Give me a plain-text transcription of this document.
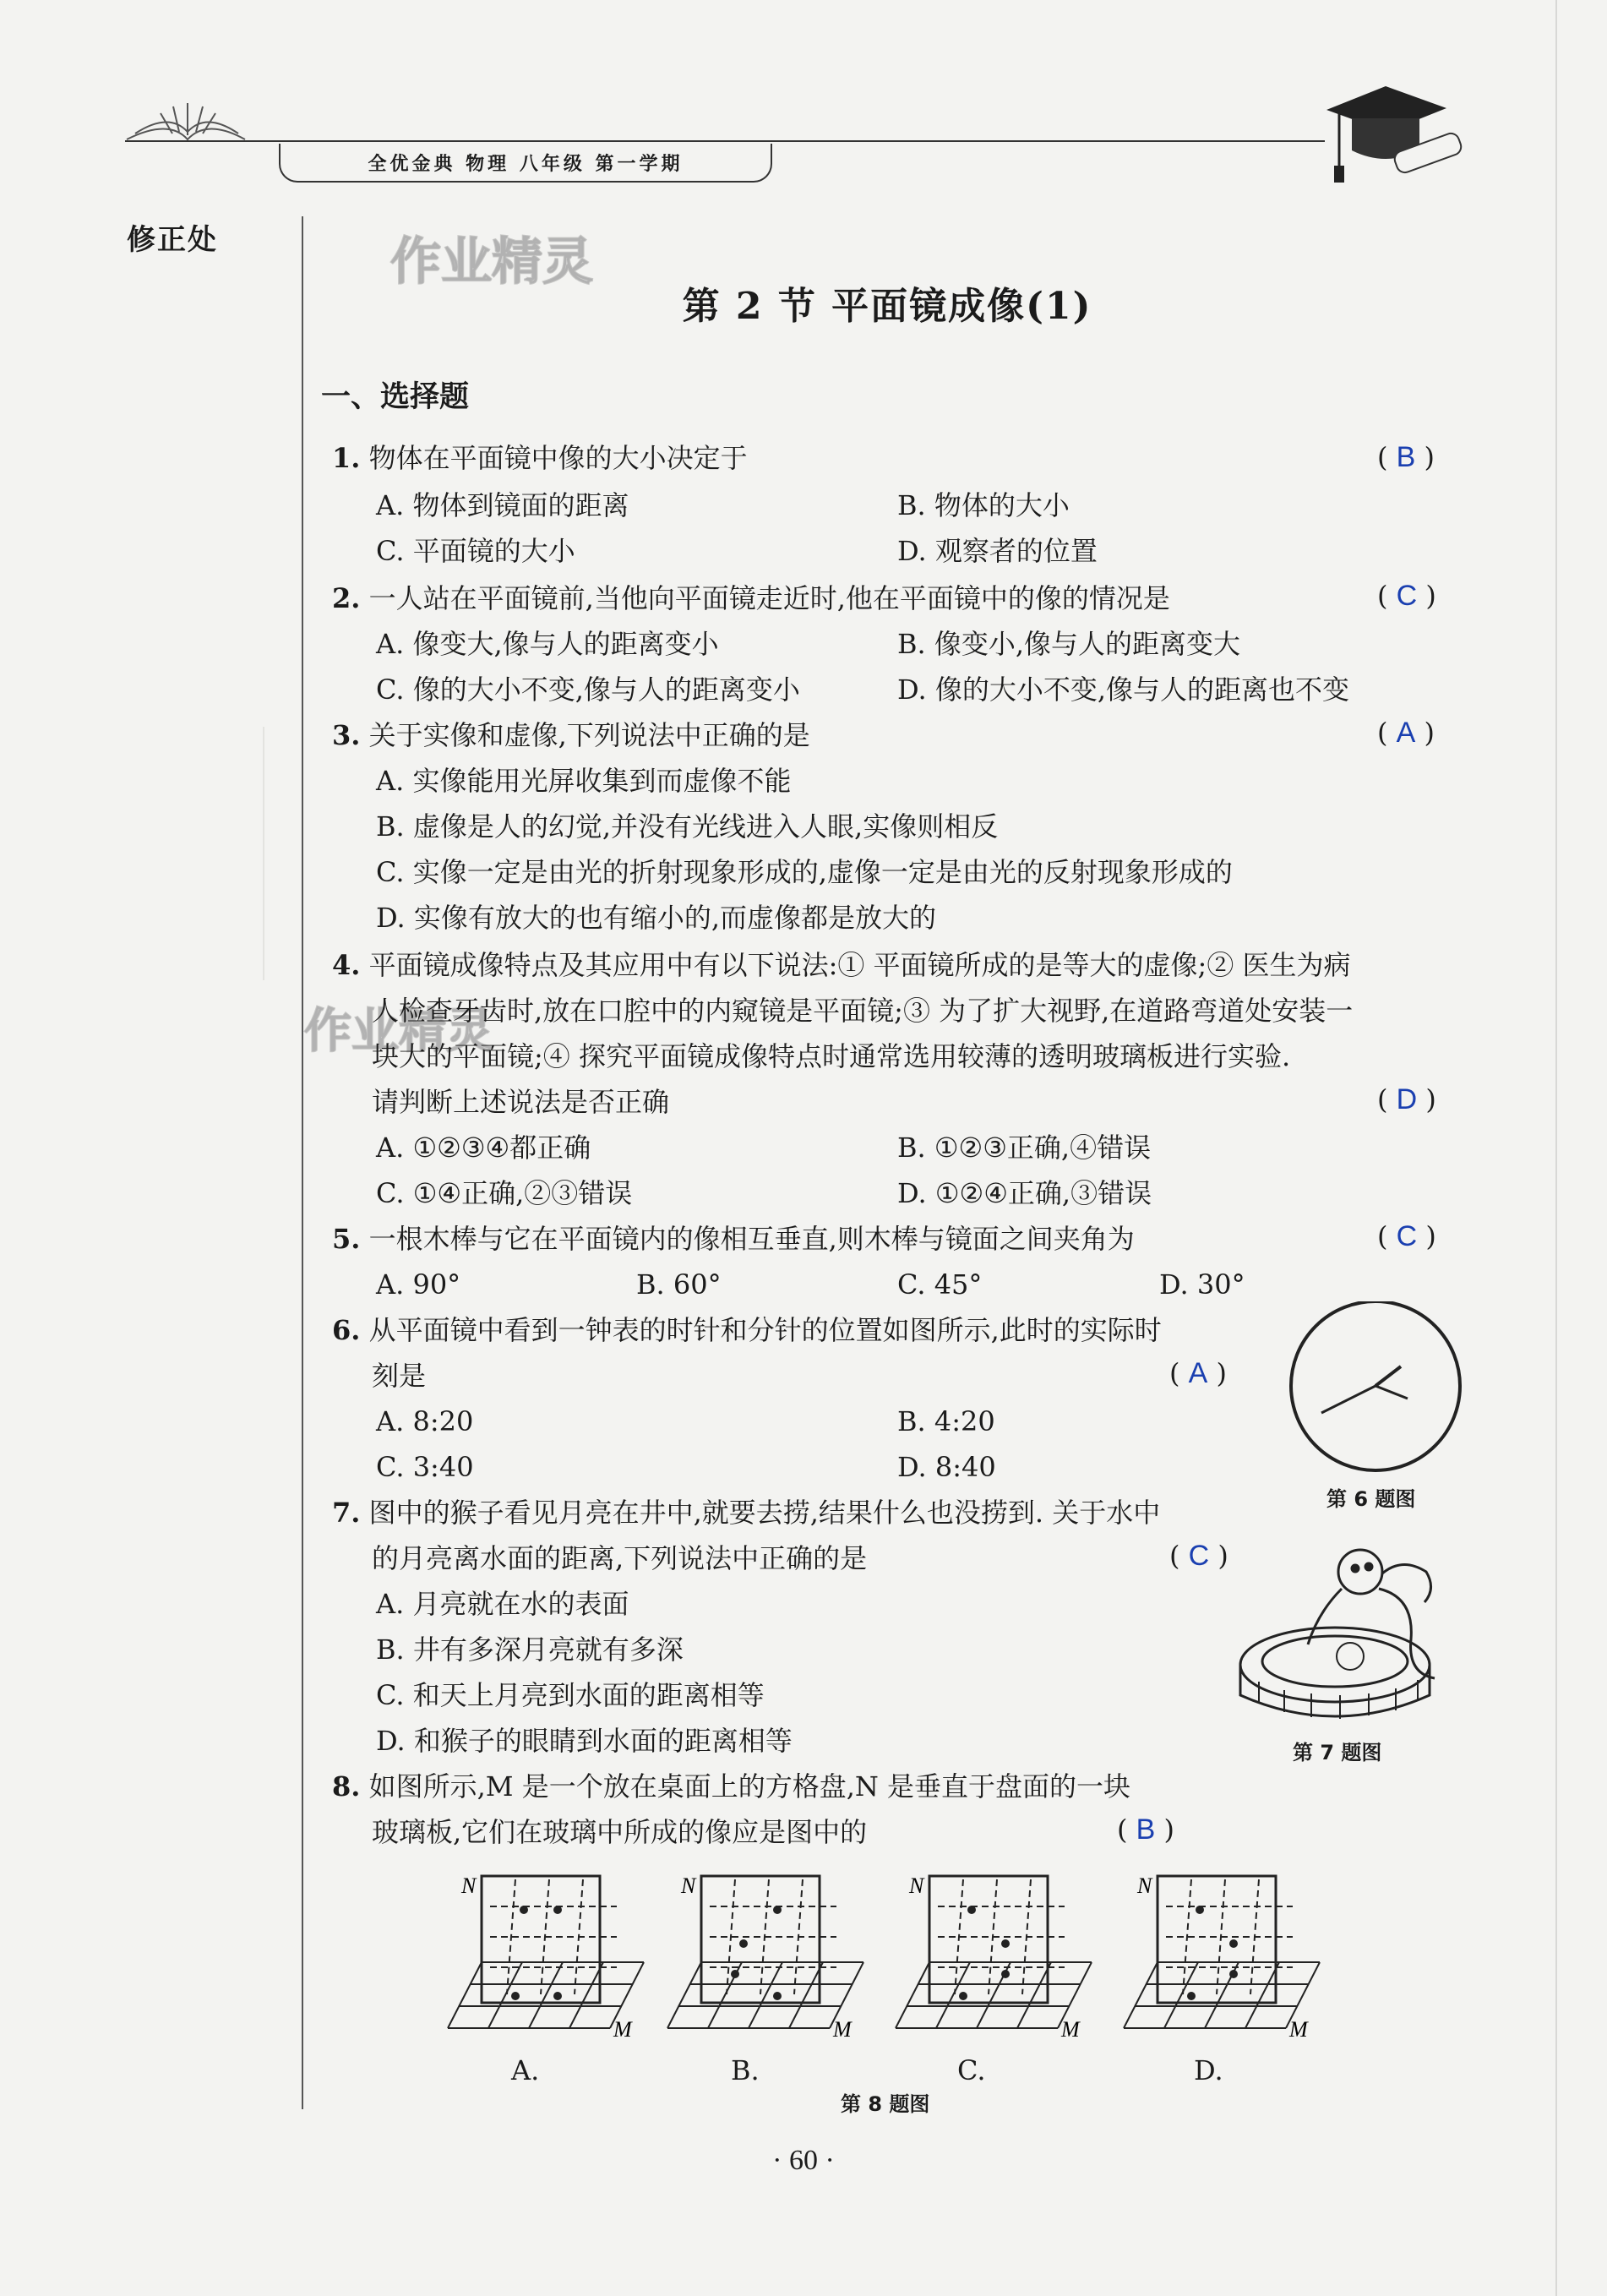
全优金典 物理 八年级 第一学期
修正处	作业精灵
作业精灵
第 2 节 平面镜成像(1)
一、选择题
1. 物体在平面镜中像的大小决定于	( B )
A. 物体到镜面的距离	B. 物体的大小
C. 平面镜的大小	D. 观察者的位置
2. 一人站在平面镜前,当他向平面镜走近时,他在平面镜中的像的情况是	( C )
A. 像变大,像与人的距离变小	B. 像变小,像与人的距离变大
C. 像的大小不变,像与人的距离变小	D. 像的大小不变,像与人的距离也不变
3. 关于实像和虚像,下列说法中正确的是	( A )
A. 实像能用光屏收集到而虚像不能
B. 虚像是人的幻觉,并没有光线进入人眼,实像则相反
C. 实像一定是由光的折射现象形成的,虚像一定是由光的反射现象形成的
D. 实像有放大的也有缩小的,而虚像都是放大的
4. 平面镜成像特点及其应用中有以下说法:① 平面镜所成的是等大的虚像;② 医生为病
人检查牙齿时,放在口腔中的内窥镜是平面镜;③ 为了扩大视野,在道路弯道处安装一
块大的平面镜;④ 探究平面镜成像特点时通常选用较薄的透明玻璃板进行实验.
请判断上述说法是否正确	( D )
A. ①②③④都正确	B. ①②③正确,④错误
C. ①④正确,②③错误	D. ①②④正确,③错误
5. 一根木棒与它在平面镜内的像相互垂直,则木棒与镜面之间夹角为	( C )
A. 90°	B. 60°	C. 45°	D. 30°
6. 从平面镜中看到一钟表的时针和分针的位置如图所示,此时的实际时
刻是	( A )
A. 8:20	B. 4:20
C. 3:40	D. 8:40
第 6 题图
7. 图中的猴子看见月亮在井中,就要去捞,结果什么也没捞到. 关于水中
的月亮离水面的距离,下列说法中正确的是	( C )
A. 月亮就在水的表面
B. 井有多深月亮就有多深
C. 和天上月亮到水面的距离相等
D. 和猴子的眼睛到水面的距离相等	第 7 题图
8. 如图所示,M 是一个放在桌面上的方格盘,N 是垂直于盘面的一块
玻璃板,它们在玻璃中所成的像应是图中的	( B )
N
M
N
M
N
M
N
M
A.	B.	C.	D.
第 8 题图
· 60 ·
